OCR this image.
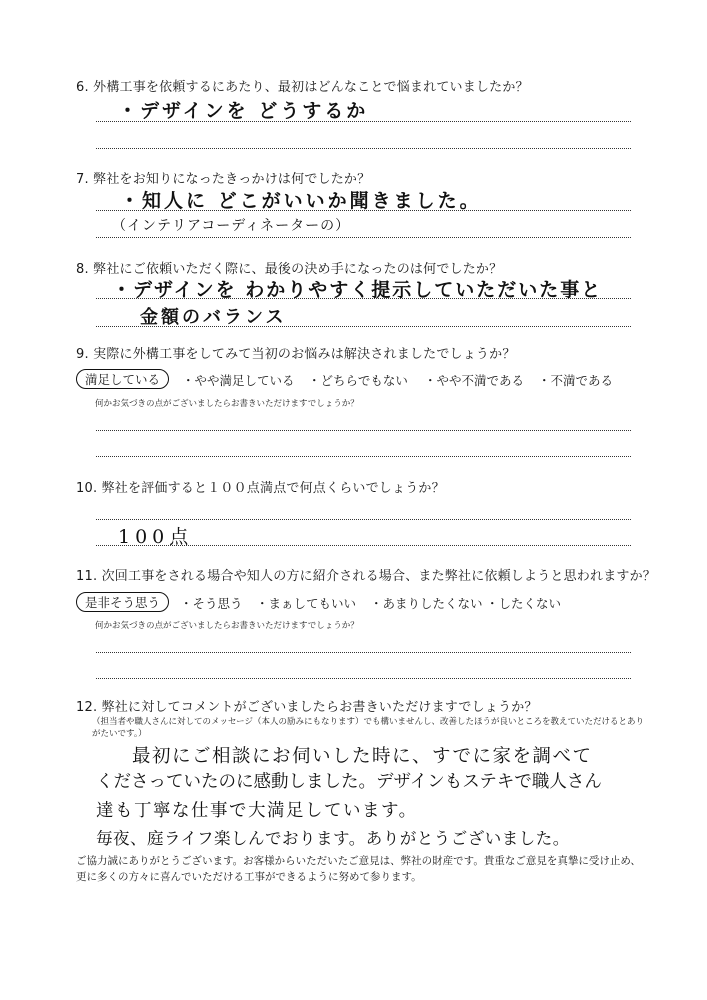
6. 外構工事を依頼するにあたり、最初はどんなことで悩まれていましたか？
・デザインを どうするか
7. 弊社をお知りになったきっかけは何でしたか？
・知人に どこがいいか聞きました。
（インテリアコーディネーターの）
8. 弊社にご依頼いただく際に、最後の決め手になったのは何でしたか？
・デザインを わかりやすく提示していただいた事と
金額のバランス
9. 実際に外構工事をしてみて当初のお悩みは解決されましたでしょうか？
満足している	・やや満足している ・どちらでもない ・やや不満である ・不満である
何かお気づきの点がございましたらお書きいただけますでしょうか？
10. 弊社を評価すると１００点満点で何点くらいでしょうか？
100点
11. 次回工事をされる場合や知人の方に紹介される場合、また弊社に依頼しようと思われますか？
是非そう思う	・そう思う ・まぁしてもいい ・あまりしたくない ・したくない
何かお気づきの点がございましたらお書きいただけますでしょうか？
12. 弊社に対してコメントがございましたらお書きいただけますでしょうか？
（担当者や職人さんに対してのメッセージ（本人の励みにもなります）でも構いませんし、改善したほうが良いところを教えていただけるとありがたいです。）
最初にご相談にお伺いした時に、すでに家を調べて
くださっていたのに感動しました。デザインもステキで職人さん
達も丁寧な仕事で大満足しています。
毎夜、庭ライフ楽しんでおります。ありがとうございました。
ご協力誠にありがとうございます。お客様からいただいたご意見は、弊社の財産です。貴重なご意見を真摯に受け止め、更に多くの方々に喜んでいただける工事ができるように努めて参ります。
